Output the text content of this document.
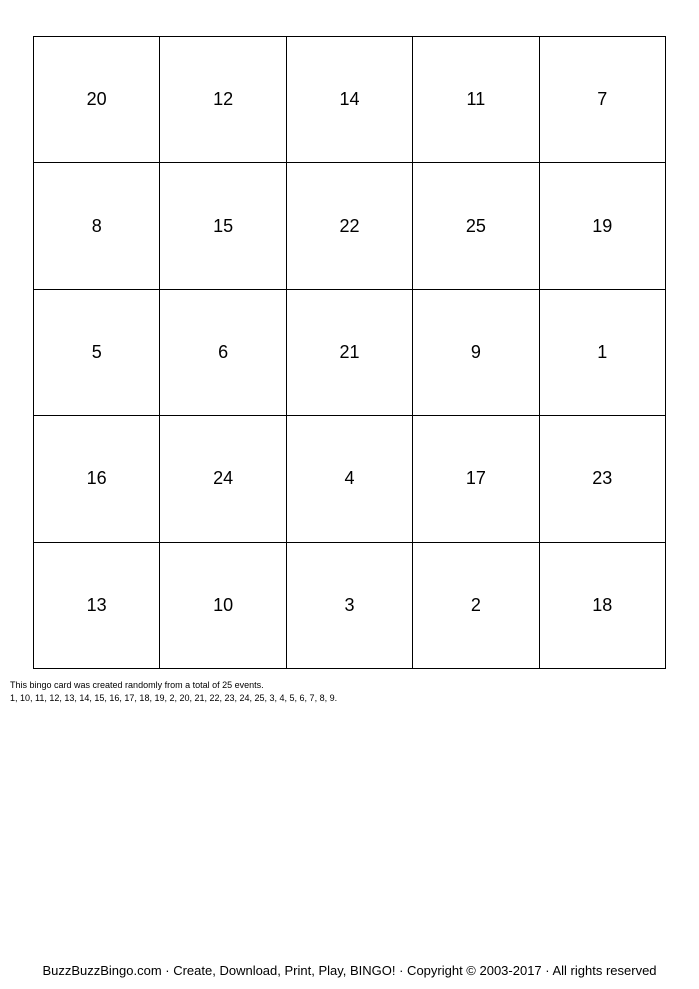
20	12	14	11	7
8	15	22	25	19
5	6	21	9	1
16	24	4	17	23
13	10	3	2	18
This bingo card was created randomly from a total of 25 events.
1, 10, 11, 12, 13, 14, 15, 16, 17, 18, 19, 2, 20, 21, 22, 23, 24, 25, 3, 4, 5, 6, 7, 8, 9.
BuzzBuzzBingo.com · Create, Download, Print, Play, BINGO! · Copyright © 2003-2017 · All rights reserved
